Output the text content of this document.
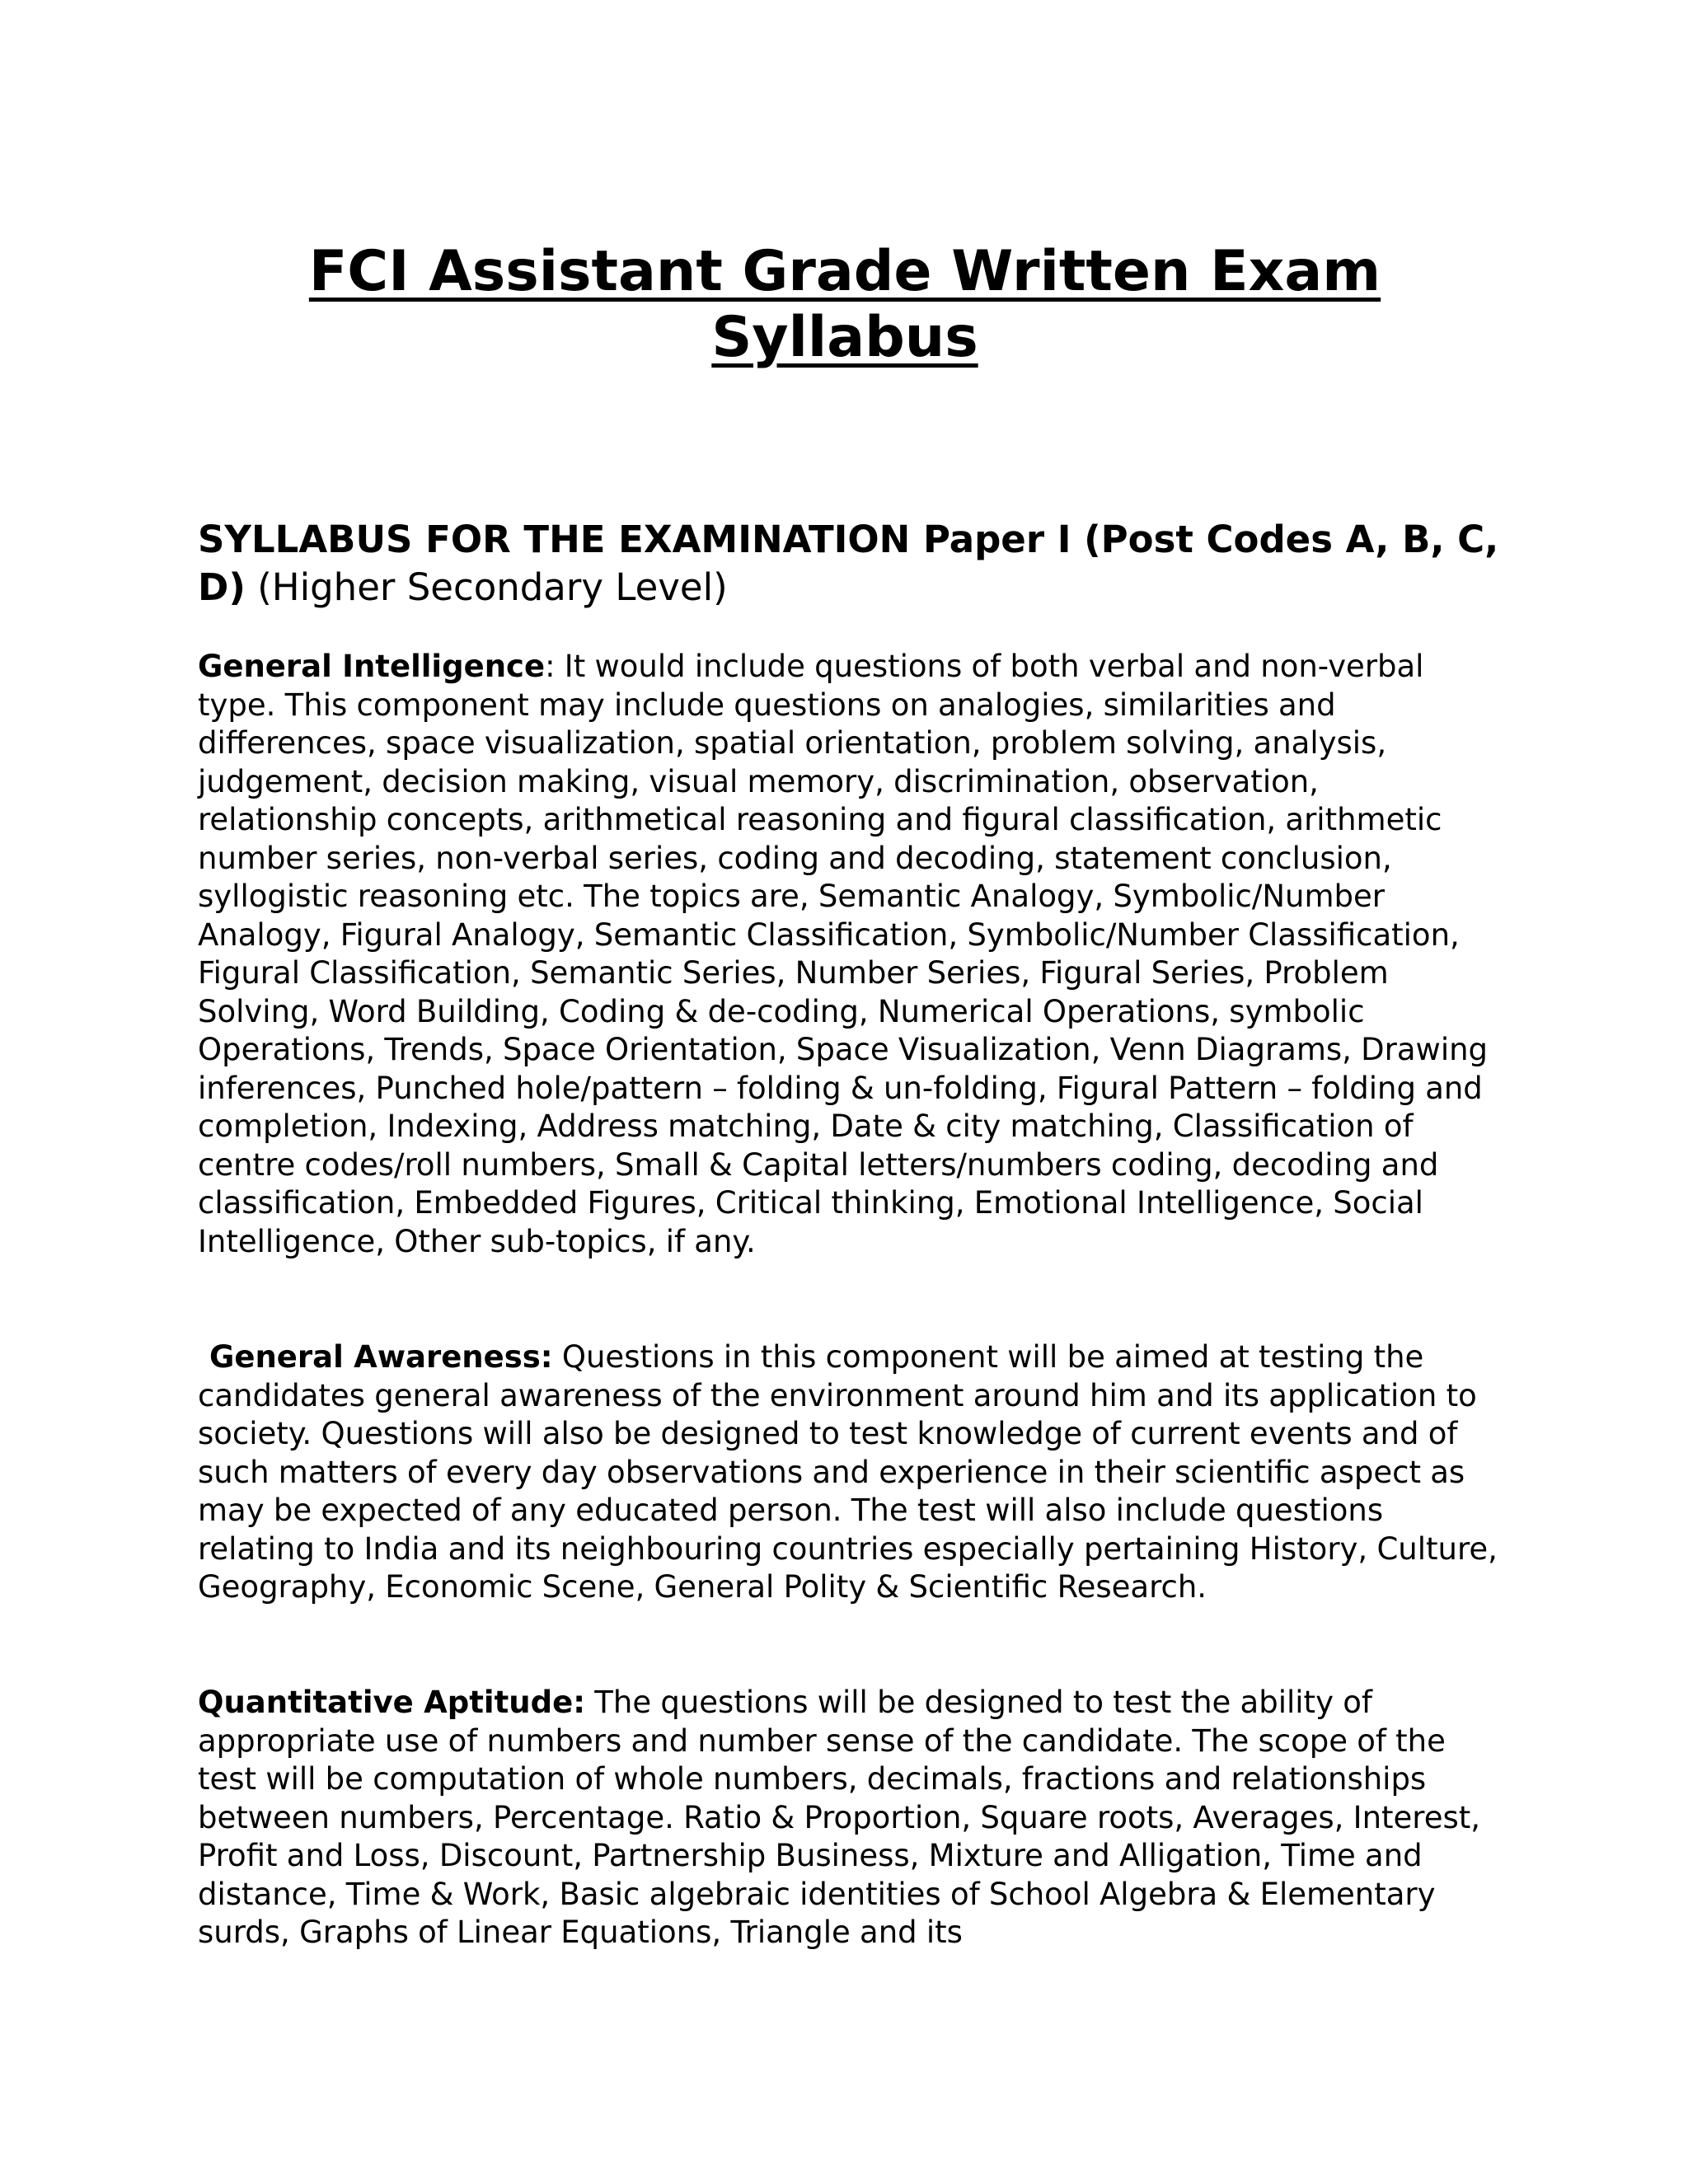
FCI Assistant Grade Written Exam Syllabus
SYLLABUS FOR THE EXAMINATION Paper I (Post Codes A, B, C, D) (Higher Secondary Level)

General Intelligence: It would include questions of both verbal and non-verbal type. This component may include questions on analogies, similarities and differences, space visualization, spatial orientation, problem solving, analysis, judgement, decision making, visual memory, discrimination, observation, relationship concepts, arithmetical reasoning and figural classification, arithmetic number series, non-verbal series, coding and decoding, statement conclusion, syllogistic reasoning etc. The topics are, Semantic Analogy, Symbolic/Number Analogy, Figural Analogy, Semantic Classification, Symbolic/Number Classification, Figural Classification, Semantic Series, Number Series, Figural Series, Problem Solving, Word Building, Coding & de-coding, Numerical Operations, symbolic Operations, Trends, Space Orientation, Space Visualization, Venn Diagrams, Drawing inferences, Punched hole/pattern – folding & un-folding, Figural Pattern – folding and completion, Indexing, Address matching, Date & city matching, Classification of centre codes/roll numbers, Small & Capital letters/numbers coding, decoding and classification, Embedded Figures, Critical thinking, Emotional Intelligence, Social Intelligence, Other sub-topics, if any.

General Awareness: Questions in this component will be aimed at testing the candidates general awareness of the environment around him and its application to society. Questions will also be designed to test knowledge of current events and of such matters of every day observations and experience in their scientific aspect as may be expected of any educated person. The test will also include questions relating to India and its neighbouring countries especially pertaining History, Culture, Geography, Economic Scene, General Polity & Scientific Research.

Quantitative Aptitude: The questions will be designed to test the ability of appropriate use of numbers and number sense of the candidate. The scope of the test will be computation of whole numbers, decimals, fractions and relationships between numbers, Percentage. Ratio & Proportion, Square roots, Averages, Interest, Profit and Loss, Discount, Partnership Business, Mixture and Alligation, Time and distance, Time & Work, Basic algebraic identities of School Algebra & Elementary surds, Graphs of Linear Equations, Triangle and its
